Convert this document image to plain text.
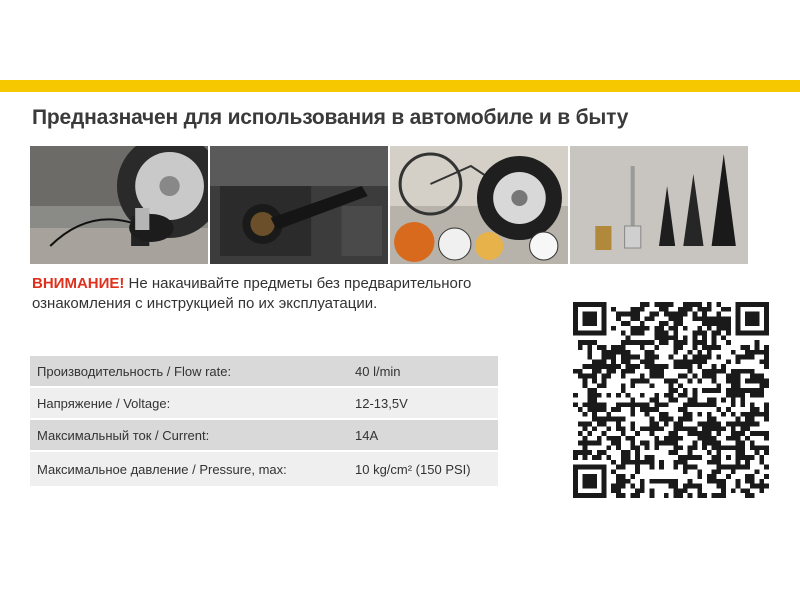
Предназначен для использования в автомобиле и в быту
ВНИМАНИЕ! Не накачивайте предметы без предварительного ознакомления с инструкцией по их эксплуатации.
Производительность / Flow rate:	40 l/min
Напряжение / Voltage:	12-13,5V
Максимальный ток / Current:	14A
Максимальное давление / Pressure, max:	10 kg/cm² (150 PSI)
